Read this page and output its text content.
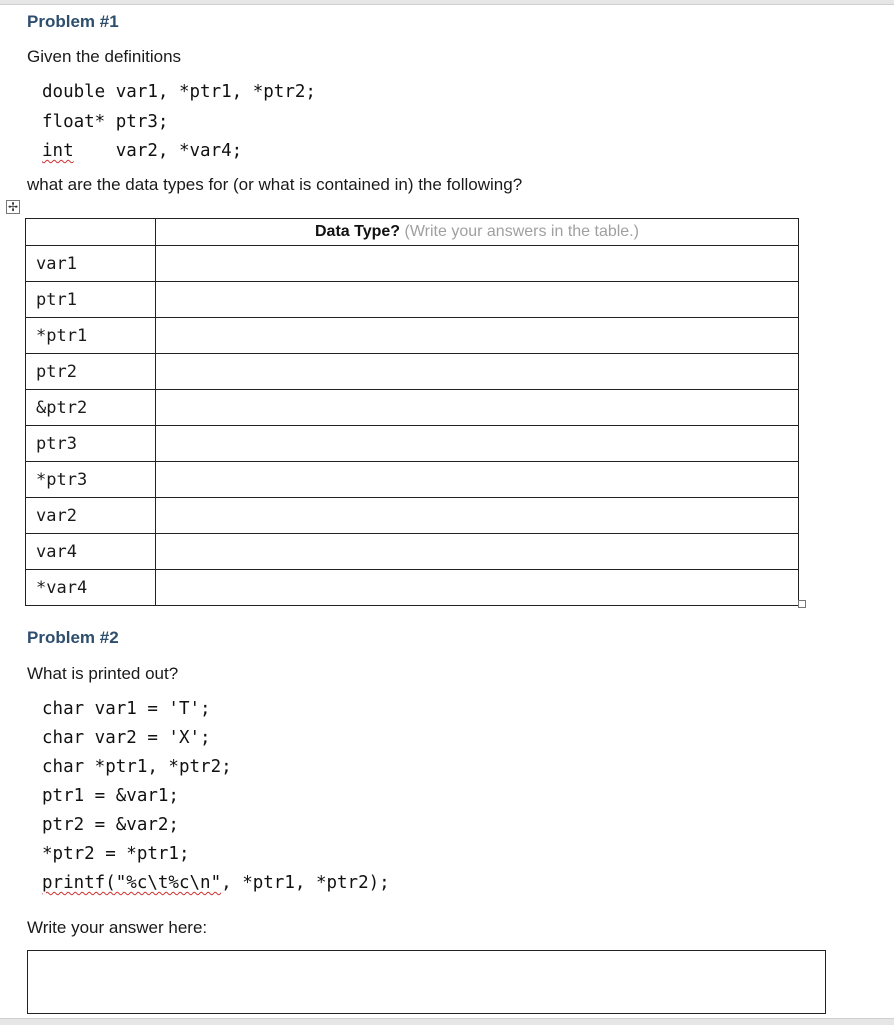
Problem #1
Given the definitions
double var1, *ptr1, *ptr2;
float* ptr3;
int var2, *var4;
what are the data types for (or what is contained in) the following?
✢
	Data Type? (Write your answers in the table.)
var1	
ptr1	
*ptr1	
ptr2	
&ptr2	
ptr3	
*ptr3	
var2	
var4	
*var4	
Problem #2
What is printed out?
char var1 = 'T';
char var2 = 'X';
char *ptr1, *ptr2;
ptr1 = &var1;
ptr2 = &var2;
*ptr2 = *ptr1;
printf("%c\t%c\n", *ptr1, *ptr2);
Write your answer here:
